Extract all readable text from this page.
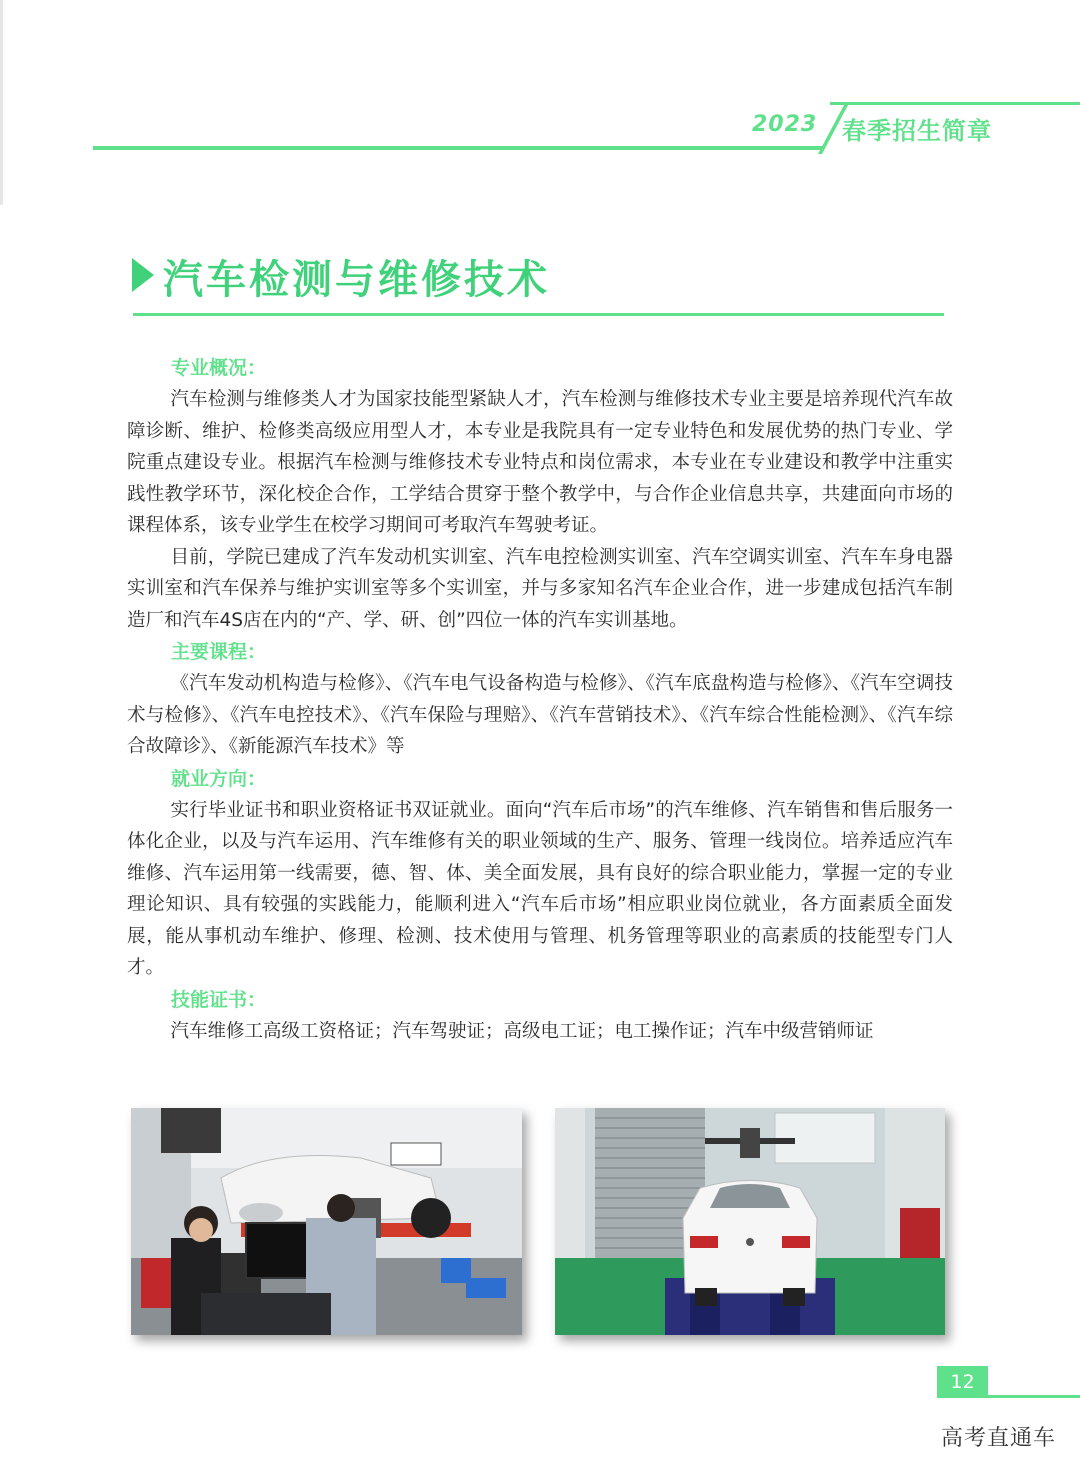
2023 春季招生简章
汽车检测与维修技术
专业概况：

汽车检测与维修类人才为国家技能型紧缺人才，汽车检测与维修技术专业主要是培养现代汽车故障诊断、维护、检修类高级应用型人才，本专业是我院具有一定专业特色和发展优势的热门专业、学院重点建设专业。根据汽车检测与维修技术专业特点和岗位需求，本专业在专业建设和教学中注重实践性教学环节，深化校企合作，工学结合贯穿于整个教学中，与合作企业信息共享，共建面向市场的课程体系，该专业学生在校学习期间可考取汽车驾驶考证。

目前，学院已建成了汽车发动机实训室、汽车电控检测实训室、汽车空调实训室、汽车车身电器实训室和汽车保养与维护实训室等多个实训室，并与多家知名汽车企业合作，进一步建成包括汽车制造厂和汽车4S店在内的“产、学、研、创”四位一体的汽车实训基地。

主要课程：

《汽车发动机构造与检修》、《汽车电气设备构造与检修》、《汽车底盘构造与检修》、《汽车空调技术与检修》、《汽车电控技术》、《汽车保险与理赔》、《汽车营销技术》、《汽车综合性能检测》、《汽车综合故障诊》、《新能源汽车技术》等

就业方向：

实行毕业证书和职业资格证书双证就业。面向“汽车后市场”的汽车维修、汽车销售和售后服务一体化企业，以及与汽车运用、汽车维修有关的职业领域的生产、服务、管理一线岗位。培养适应汽车维修、汽车运用第一线需要，德、智、体、美全面发展，具有良好的综合职业能力，掌握一定的专业理论知识、具有较强的实践能力，能顺利进入“汽车后市场”相应职业岗位就业，各方面素质全面发展，能从事机动车维护、修理、检测、技术使用与管理、机务管理等职业的高素质的技能型专门人才。

技能证书：

汽车维修工高级工资格证；汽车驾驶证；高级电工证；电工操作证；汽车中级营销师证

12
高考直通车
